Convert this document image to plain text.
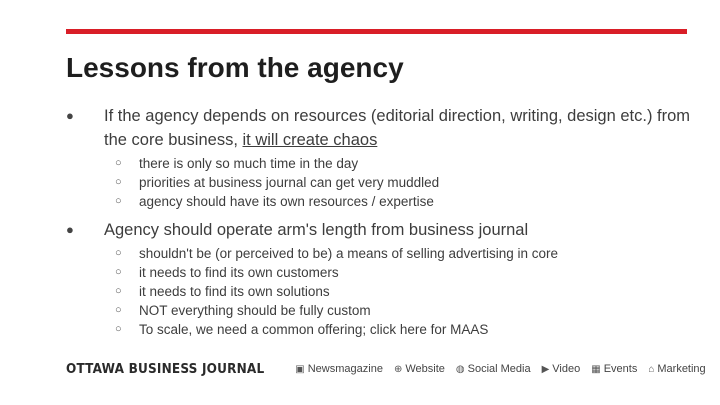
Lessons from the agency
● If the agency depends on resources (editorial direction, writing, design etc.) from the core business, it will create chaos
○ there is only so much time in the day
○ priorities at business journal can get very muddled
○ agency should have its own resources / expertise
● Agency should operate arm's length from business journal
○ shouldn't be (or perceived to be) a means of selling advertising in core
○ it needs to find its own customers
○ it needs to find its own solutions
○ NOT everything should be fully custom
○ To scale, we need a common offering; click here for MAAS
OTTAWA BUSINESS JOURNAL	▣ Newsmagazine ⊕ Website ◍ Social Media ▶ Video ▦ Events ⌂ Marketing
